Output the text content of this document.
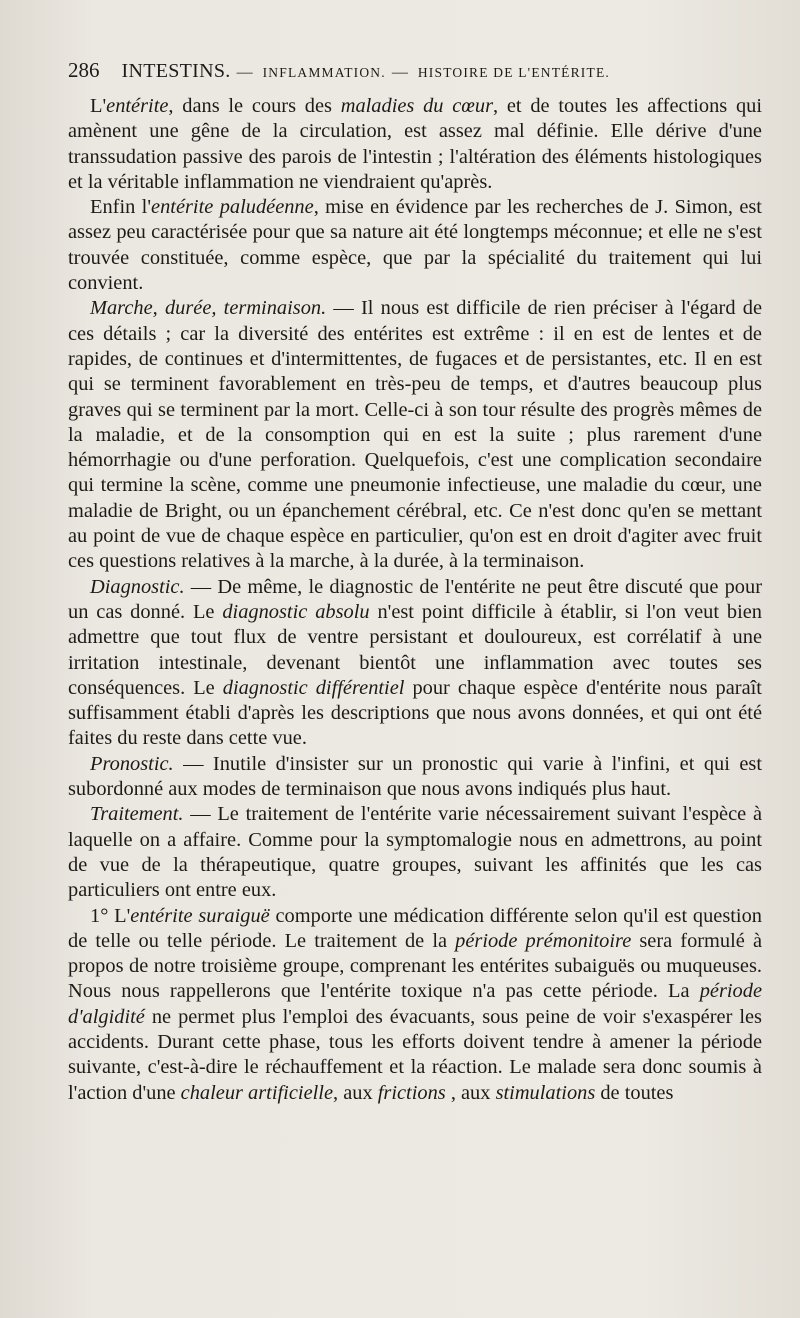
286 INTESTINS. — INFLAMMATION. — HISTOIRE DE L'ENTÉRITE.

L'entérite, dans le cours des maladies du cœur, et de toutes les affections qui amènent une gêne de la circulation, est assez mal définie. Elle dérive d'une transsudation passive des parois de l'intestin ; l'altération des éléments histologiques et la véritable inflammation ne viendraient qu'après.

Enfin l'entérite paludéenne, mise en évidence par les recherches de J. Simon, est assez peu caractérisée pour que sa nature ait été longtemps méconnue; et elle ne s'est trouvée constituée, comme espèce, que par la spécialité du traitement qui lui convient.

Marche, durée, terminaison. — Il nous est difficile de rien préciser à l'égard de ces détails ; car la diversité des entérites est extrême : il en est de lentes et de rapides, de continues et d'intermittentes, de fugaces et de persistantes, etc. Il en est qui se terminent favorablement en très-peu de temps, et d'autres beaucoup plus graves qui se terminent par la mort. Celle-ci à son tour résulte des progrès mêmes de la maladie, et de la consomption qui en est la suite ; plus rarement d'une hémorrhagie ou d'une perforation. Quelquefois, c'est une complication secondaire qui termine la scène, comme une pneumonie infectieuse, une maladie du cœur, une maladie de Bright, ou un épanchement cérébral, etc. Ce n'est donc qu'en se mettant au point de vue de chaque espèce en particulier, qu'on est en droit d'agiter avec fruit ces questions relatives à la marche, à la durée, à la terminaison.

Diagnostic. — De même, le diagnostic de l'entérite ne peut être discuté que pour un cas donné. Le diagnostic absolu n'est point difficile à établir, si l'on veut bien admettre que tout flux de ventre persistant et douloureux, est corrélatif à une irritation intestinale, devenant bientôt une inflammation avec toutes ses conséquences. Le diagnostic différentiel pour chaque espèce d'entérite nous paraît suffisamment établi d'après les descriptions que nous avons données, et qui ont été faites du reste dans cette vue.

Pronostic. — Inutile d'insister sur un pronostic qui varie à l'infini, et qui est subordonné aux modes de terminaison que nous avons indiqués plus haut.

Traitement. — Le traitement de l'entérite varie nécessairement suivant l'espèce à laquelle on a affaire. Comme pour la symptomalogie nous en admettrons, au point de vue de la thérapeutique, quatre groupes, suivant les affinités que les cas particuliers ont entre eux.

1° L'entérite suraiguë comporte une médication différente selon qu'il est question de telle ou telle période. Le traitement de la période prémonitoire sera formulé à propos de notre troisième groupe, comprenant les entérites subaiguës ou muqueuses. Nous nous rappellerons que l'entérite toxique n'a pas cette période. La période d'algidité ne permet plus l'emploi des évacuants, sous peine de voir s'exaspérer les accidents. Durant cette phase, tous les efforts doivent tendre à amener la période suivante, c'est-à-dire le réchauffement et la réaction. Le malade sera donc soumis à l'action d'une chaleur artificielle, aux frictions , aux stimulations de toutes
